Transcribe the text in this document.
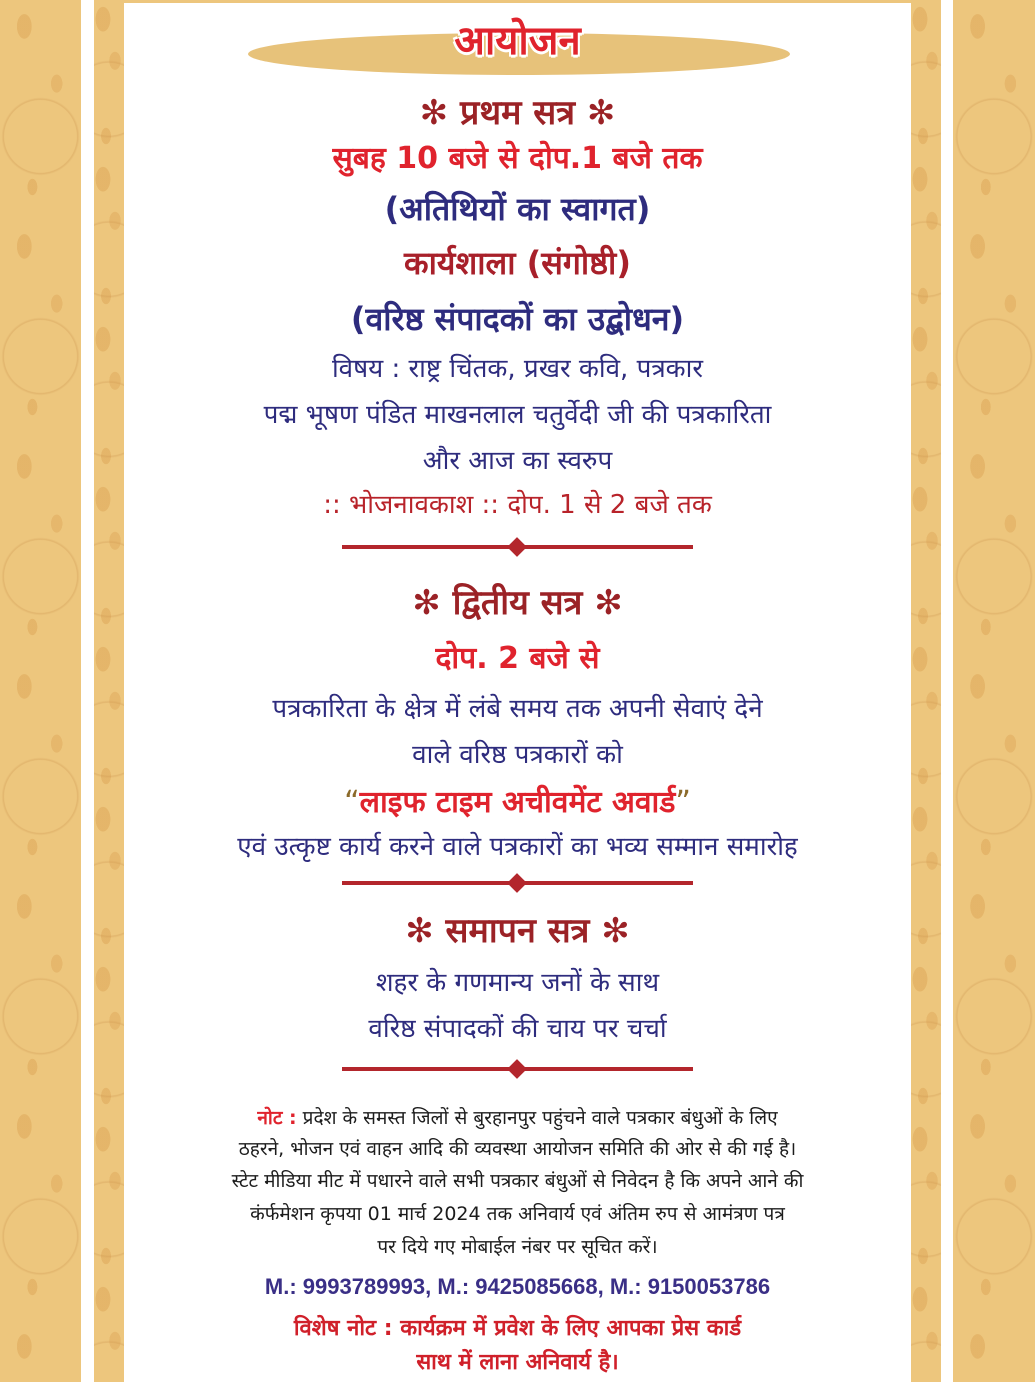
आयोजन
✻ प्रथम सत्र ✻
सुबह 10 बजे से दोप.1 बजे तक
(अतिथियों का स्वागत)
कार्यशाला (संगोष्ठी)
(वरिष्ठ संपादकों का उद्बोधन)
विषय : राष्ट्र चिंतक, प्रखर कवि, पत्रकार
पद्म भूषण पंडित माखनलाल चतुर्वेदी जी की पत्रकारिता
और आज का स्वरुप
:: भोजनावकाश :: दोप. 1 से 2 बजे तक
✻ द्वितीय सत्र ✻
दोप. 2 बजे से
पत्रकारिता के क्षेत्र में लंबे समय तक अपनी सेवाएं देने
वाले वरिष्ठ पत्रकारों को
“लाइफ टाइम अचीवमेंट अवार्ड”
एवं उत्कृष्ट कार्य करने वाले पत्रकारों का भव्य सम्मान समारोह
✻ समापन सत्र ✻
शहर के गणमान्य जनों के साथ
वरिष्ठ संपादकों की चाय पर चर्चा
नोट : प्रदेश के समस्त जिलों से बुरहानपुर पहुंचने वाले पत्रकार बंधुओं के लिए
ठहरने, भोजन एवं वाहन आदि की व्यवस्था आयोजन समिति की ओर से की गई है।
स्टेट मीडिया मीट में पधारने वाले सभी पत्रकार बंधुओं से निवेदन है कि अपने आने की
कंर्फमेशन कृपया 01 मार्च 2024 तक अनिवार्य एवं अंतिम रुप से आमंत्रण पत्र
पर दिये गए मोबाईल नंबर पर सूचित करें।
M.: 9993789993, M.: 9425085668, M.: 9150053786
विशेष नोट : कार्यक्रम में प्रवेश के लिए आपका प्रेस कार्ड
साथ में लाना अनिवार्य है।
